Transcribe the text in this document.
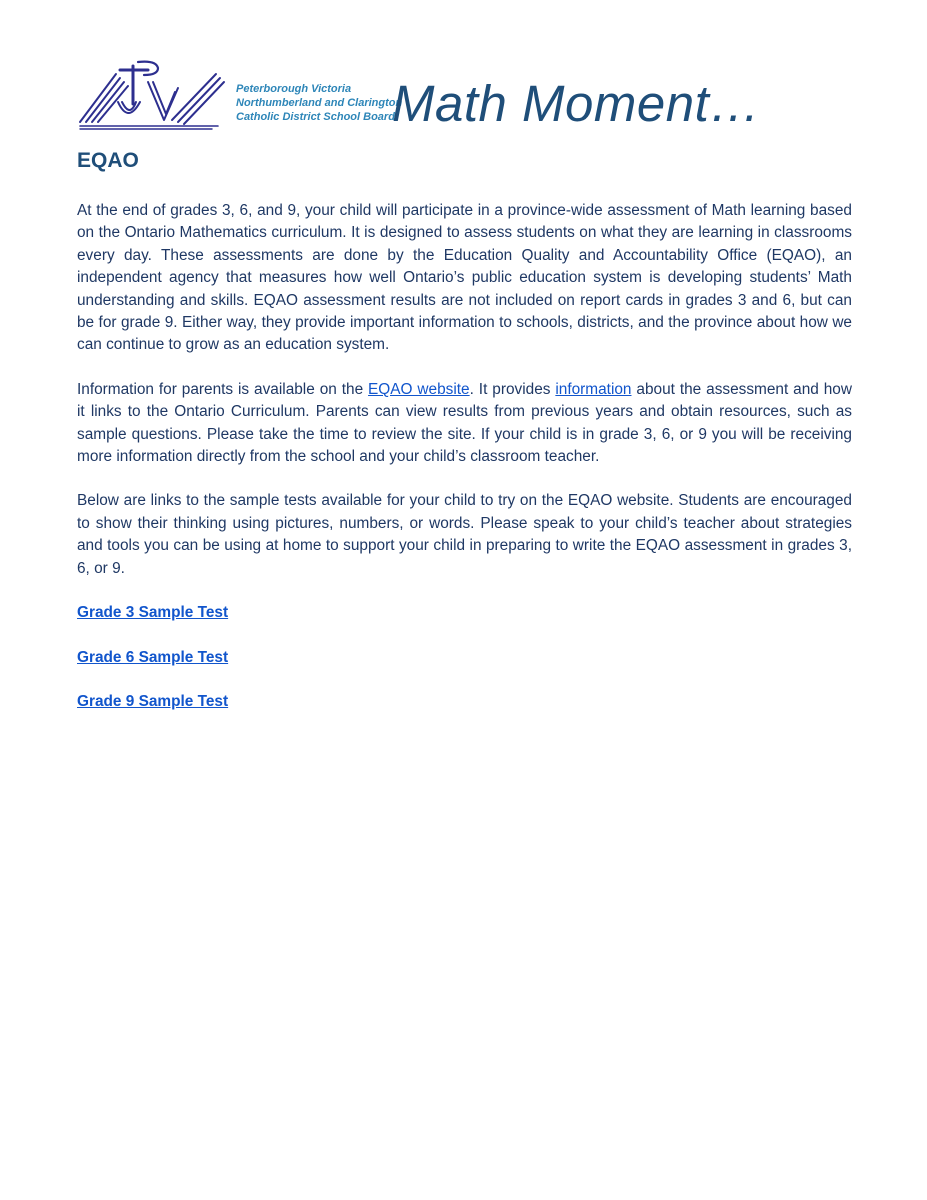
Peterborough Victoria
Northumberland and Clarington
Catholic District School Board
Math Moment…
EQAO

At the end of grades 3, 6, and 9, your child will participate in a province-wide assessment of Math learning based on the Ontario Mathematics curriculum. It is designed to assess students on what they are learning in classrooms every day. These assessments are done by the Education Quality and Accountability Office (EQAO), an independent agency that measures how well Ontario’s public education system is developing students’ Math understanding and skills. EQAO assessment results are not included on report cards in grades 3 and 6, but can be for grade 9. Either way, they provide important information to schools, districts, and the province about how we can continue to grow as an education system.

Information for parents is available on the EQAO website. It provides information about the assessment and how it links to the Ontario Curriculum. Parents can view results from previous years and obtain resources, such as sample questions. Please take the time to review the site. If your child is in grade 3, 6, or 9 you will be receiving more information directly from the school and your child’s classroom teacher.

Below are links to the sample tests available for your child to try on the EQAO website. Students are encouraged to show their thinking using pictures, numbers, or words. Please speak to your child’s teacher about strategies and tools you can be using at home to support your child in preparing to write the EQAO assessment in grades 3, 6, or 9.

Grade 3 Sample Test
Grade 6 Sample Test
Grade 9 Sample Test
